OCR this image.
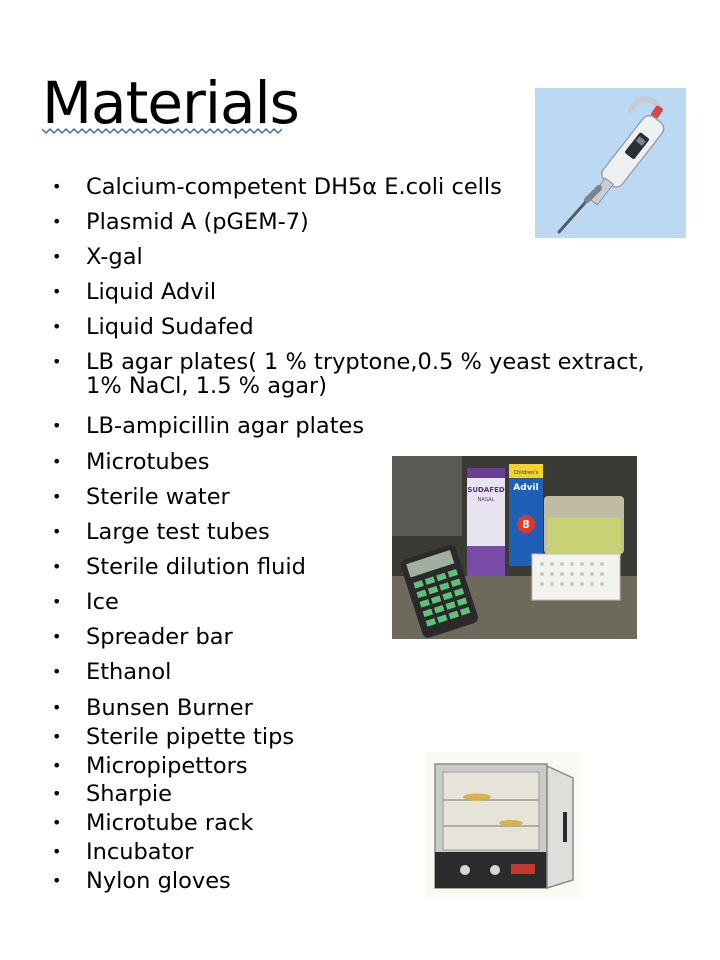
Materials
• Calcium-competent DH5α E.coli cells
• Plasmid A (pGEM-7)
• X-gal
• Liquid Advil
• Liquid Sudafed
• LB agar plates( 1 % tryptone,0.5 % yeast extract, 1% NaCl, 1.5 % agar)
• LB-ampicillin agar plates
• Microtubes
• Sterile water
• Large test tubes
• Sterile dilution fluid
• Ice
• Spreader bar
• Ethanol
• Bunsen Burner
• Sterile pipette tips
• Micropipettors
• Sharpie
• Microtube rack
• Incubator
• Nylon gloves
SUDAFED
NASAL
Children's
Advil
8
